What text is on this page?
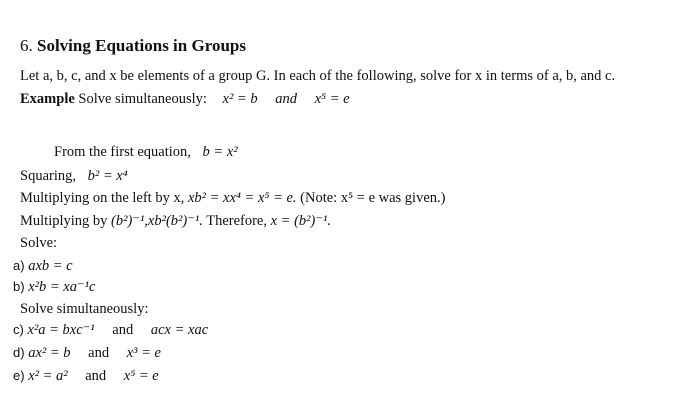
6. Solving Equations in Groups
Let a, b, c, and x be elements of a group G. In each of the following, solve for x in terms of a, b, and c.
Example Solve simultaneously: x² = b and x⁵ = e
From the first equation, b = x²
Squaring, b² = x⁴
Multiplying on the left by x, xb² = xx⁴ = x⁵ = e. (Note: x⁵ = e was given.)
Multiplying by (b²)⁻¹,xb²(b²)⁻¹. Therefore, x = (b²)⁻¹.
Solve:
a) axb = c
b) x²b = xa⁻¹c
Solve simultaneously:
c) x²a = bxc⁻¹ and acx = xac
d) ax² = b and x³ = e
e) x² = a² and x⁵ = e
